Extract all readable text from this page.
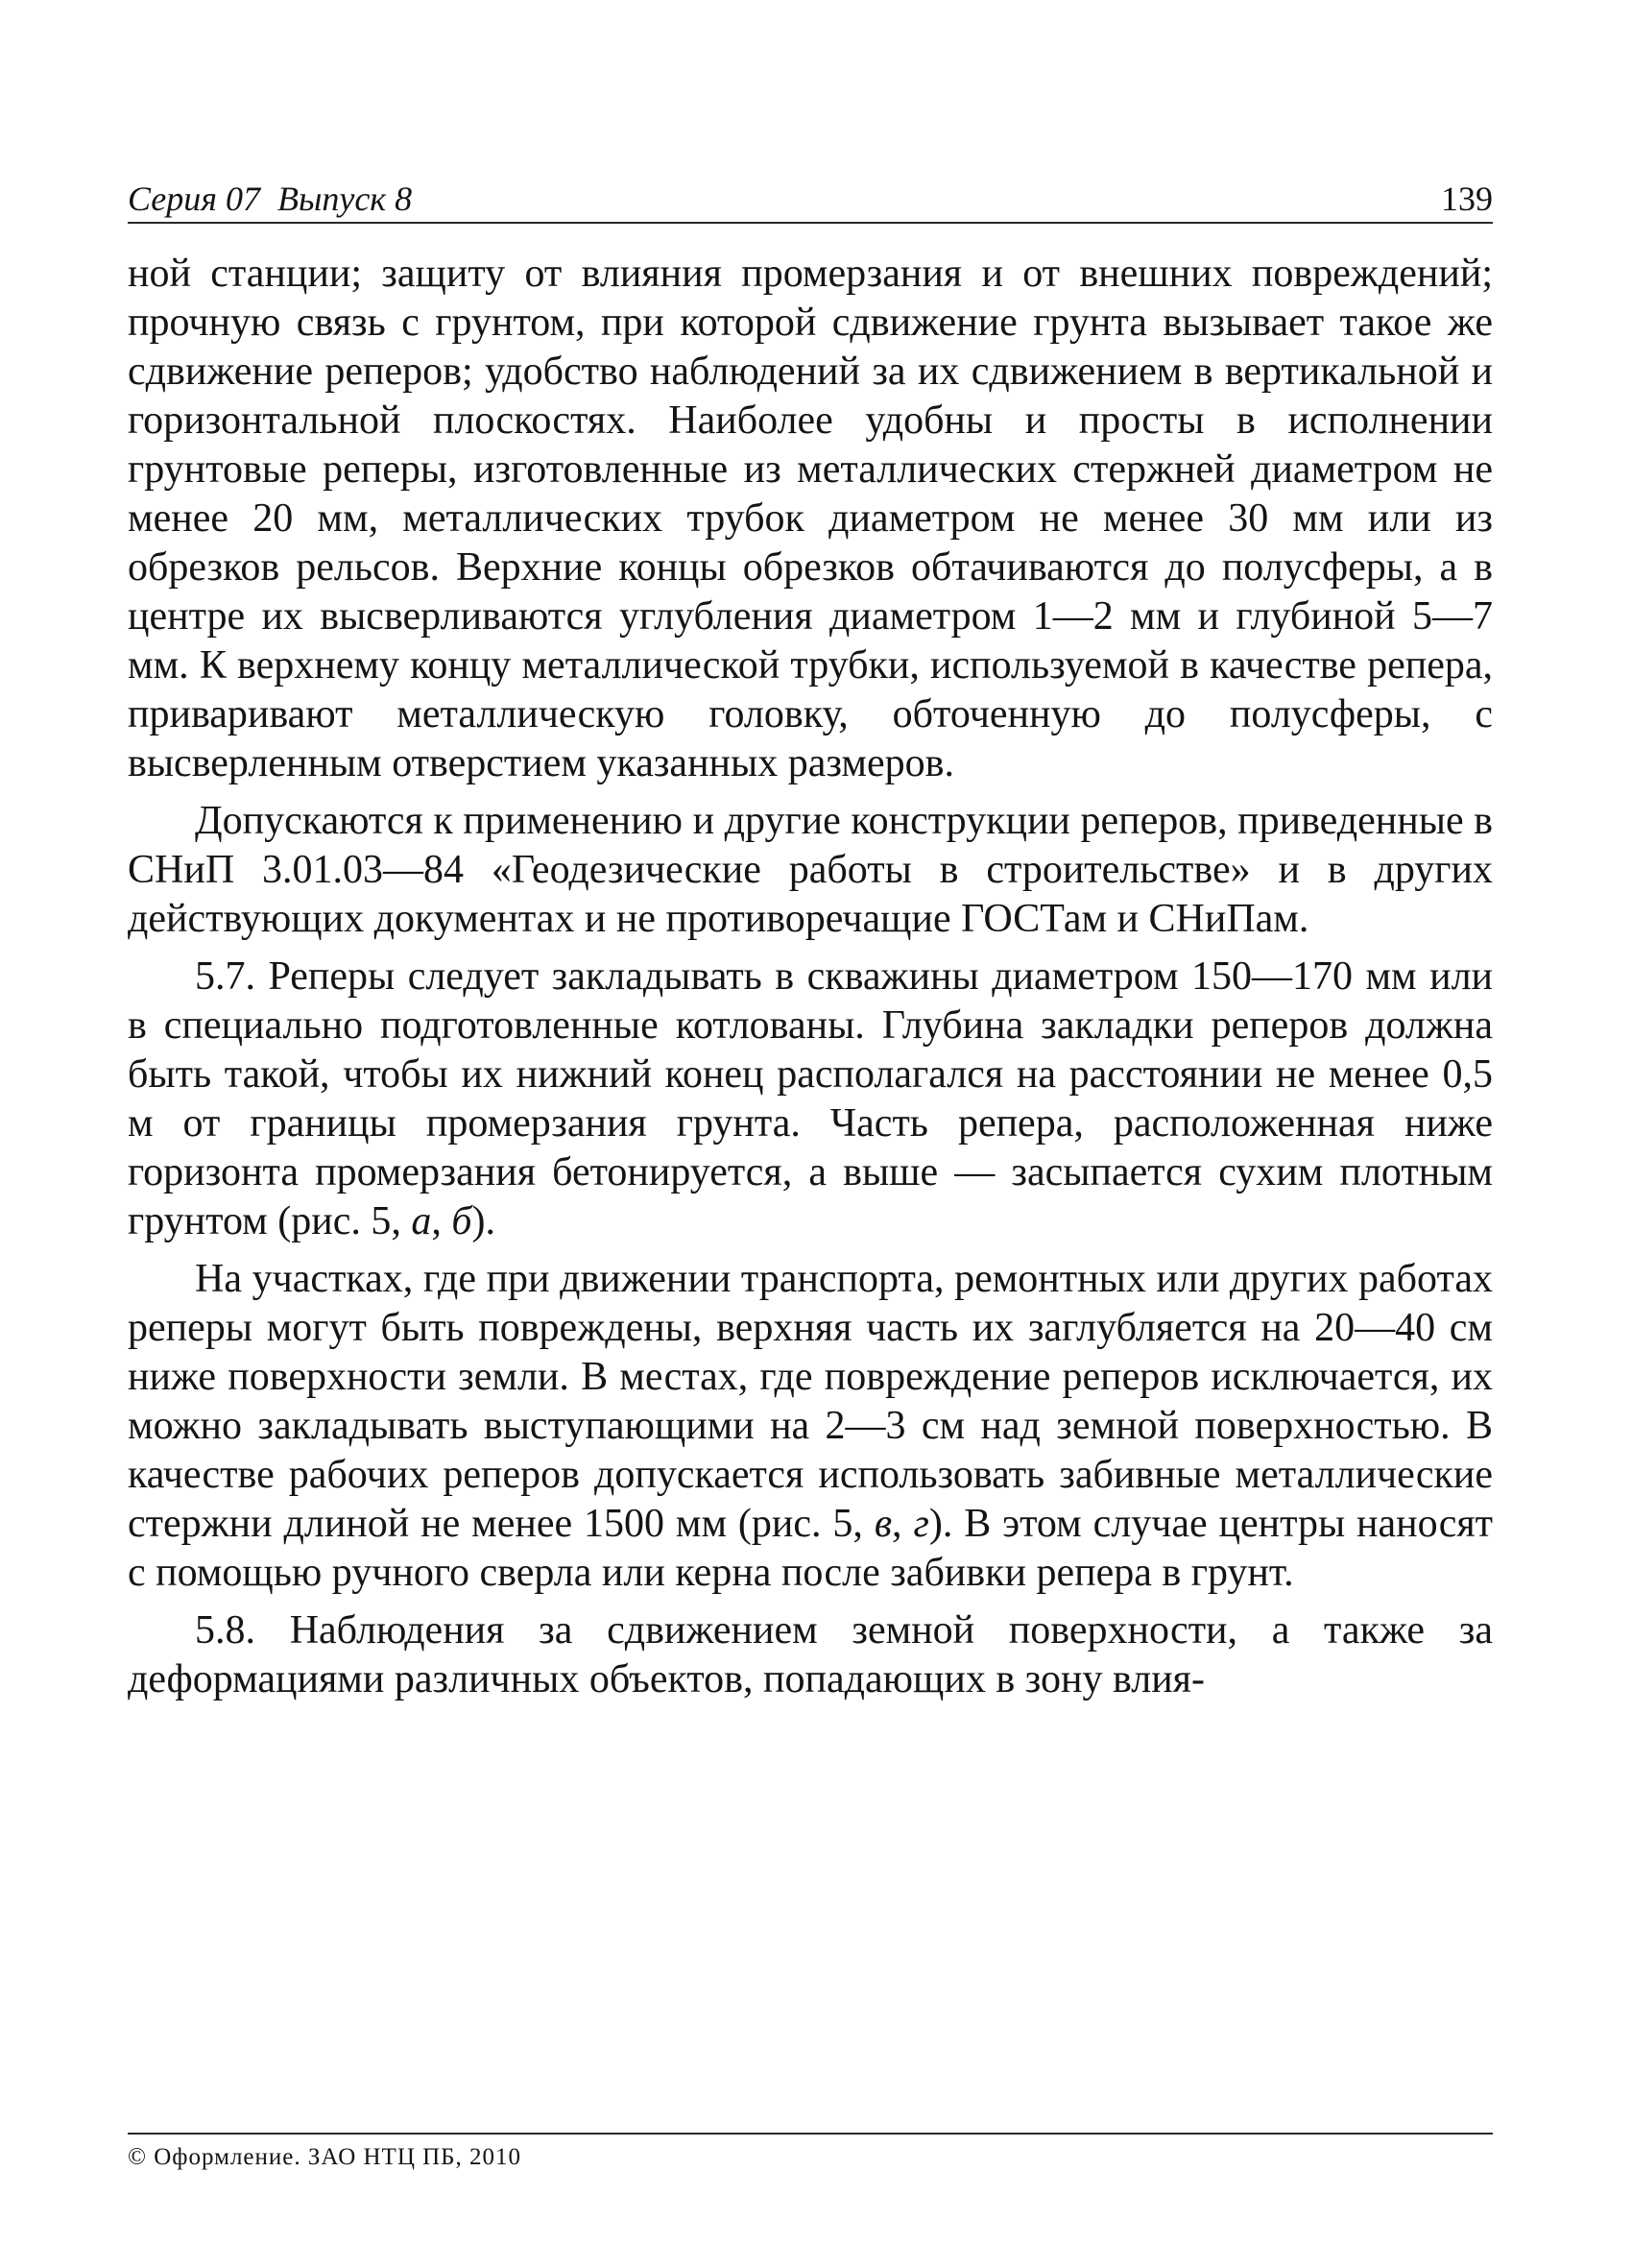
Серия 07  Выпуск 8	139

ной станции; защиту от влияния промерзания и от внешних повреждений; прочную связь с грунтом, при которой сдвижение грунта вызывает такое же сдвижение реперов; удобство наблюдений за их сдвижением в вертикальной и горизонтальной плоскостях. Наиболее удобны и просты в исполнении грунтовые реперы, изготовленные из металлических стержней диаметром не менее 20 мм, металлических трубок диаметром не менее 30 мм или из обрезков рельсов. Верхние концы обрезков обтачиваются до полусферы, а в центре их высверливаются углубления диаметром 1—2 мм и глубиной 5—7 мм. К верхнему концу металлической трубки, используемой в качестве репера, приваривают металлическую головку, обточенную до полусферы, с высверленным отверстием указанных размеров.

Допускаются к применению и другие конструкции реперов, приведенные в СНиП 3.01.03—84 «Геодезические работы в строительстве» и в других действующих документах и не противоречащие ГОСТам и СНиПам.

5.7. Реперы следует закладывать в скважины диаметром 150—170 мм или в специально подготовленные котлованы. Глубина закладки реперов должна быть такой, чтобы их нижний конец располагался на расстоянии не менее 0,5 м от границы промерзания грунта. Часть репера, расположенная ниже горизонта промерзания бетонируется, а выше — засыпается сухим плотным грунтом (рис. 5, а, б).

На участках, где при движении транспорта, ремонтных или других работах реперы могут быть повреждены, верхняя часть их заглубляется на 20—40 см ниже поверхности земли. В местах, где повреждение реперов исключается, их можно закладывать выступающими на 2—3 см над земной поверхностью. В качестве рабочих реперов допускается использовать забивные металлические стержни длиной не менее 1500 мм (рис. 5, в, г). В этом случае центры наносят с помощью ручного сверла или керна после забивки репера в грунт.

5.8. Наблюдения за сдвижением земной поверхности, а также за деформациями различных объектов, попадающих в зону влия-

© Оформление. ЗАО НТЦ ПБ, 2010
